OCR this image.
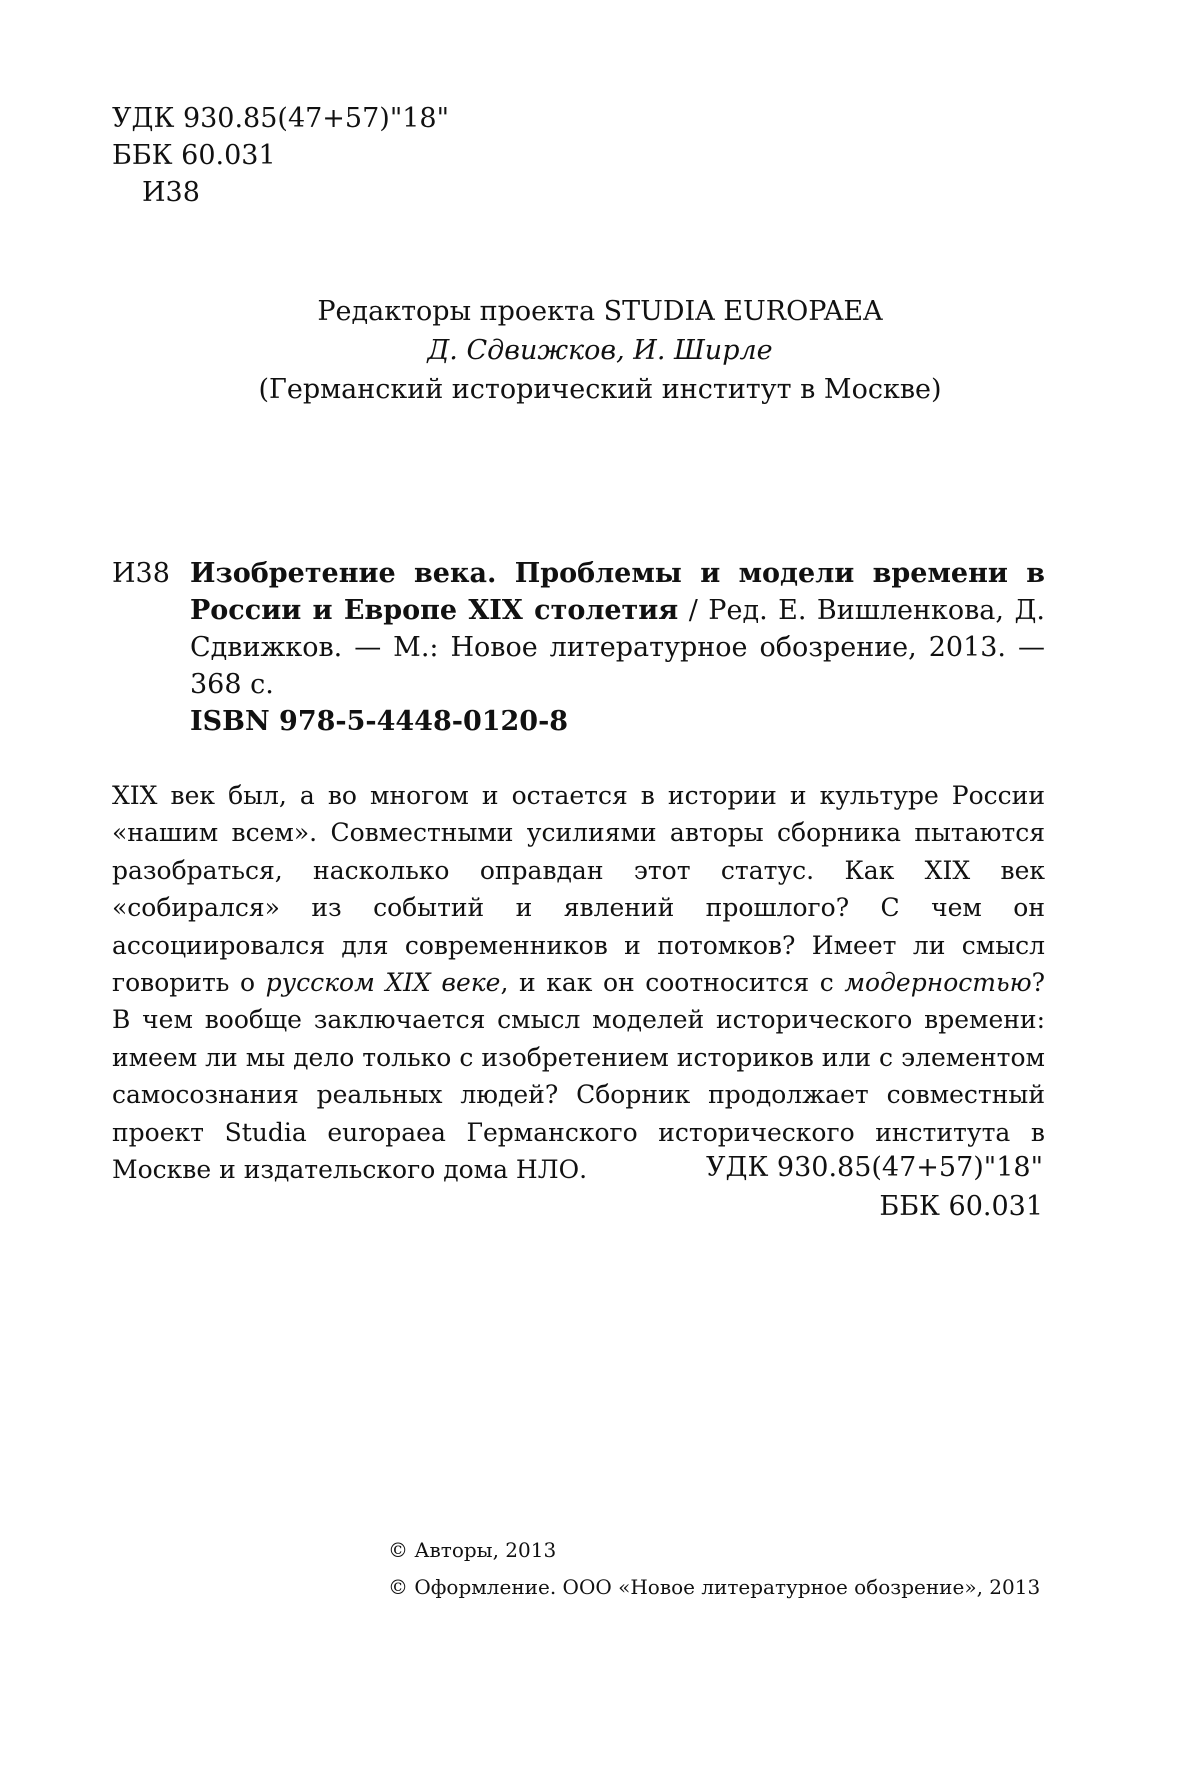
УДК 930.85(47+57)"18"
ББК 60.031
И38
Редакторы проекта STUDIA EUROPAEA
Д. Сдвижков, И. Ширле
(Германский исторический институт в Москве)
И38 Изобретение века. Проблемы и модели времени в России и Европе XIX столетия / Ред. Е. Вишленкова, Д. Сдвижков. — М.: Новое литературное обозрение, 2013. — 368 с.
ISBN 978-5-4448-0120-8
XIX век был, а во многом и остается в истории и культуре России «нашим всем». Совместными усилиями авторы сборника пытаются разобраться, насколько оправдан этот статус. Как XIX век «собирался» из событий и явлений прошлого? С чем он ассоциировался для современников и потомков? Имеет ли смысл говорить о русском XIX веке, и как он соотносится с модерностью? В чем вообще заключается смысл моделей исторического времени: имеем ли мы дело только с изобретением историков или с элементом самосознания реальных людей? Сборник продолжает совместный проект Studia europaea Германского исторического института в Москве и издательского дома НЛО.	УДК 930.85(47+57)"18"
ББК 60.031
© Авторы, 2013
© Оформление. ООО «Новое литературное обозрение», 2013
